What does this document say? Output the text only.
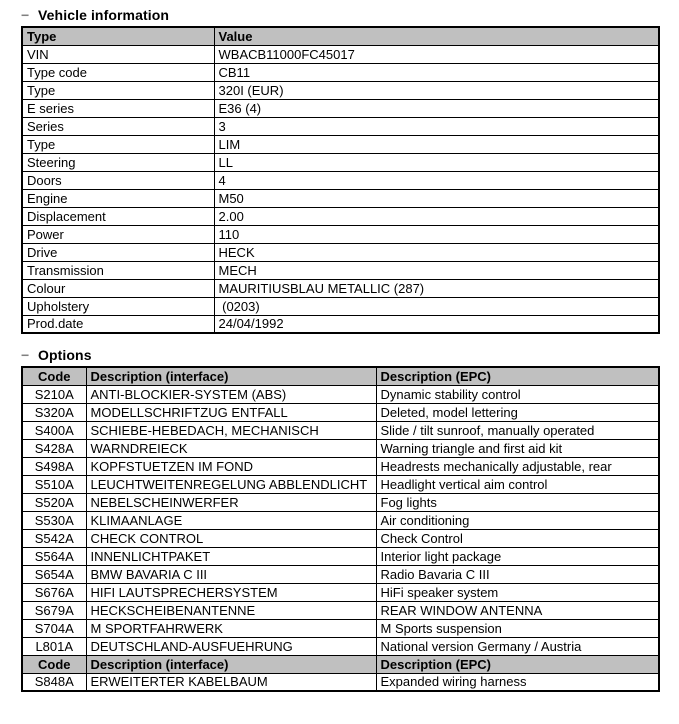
− Vehicle information
Type	Value
VIN	WBACB11000FC45017
Type code	CB11
Type	320I (EUR)
E series	E36 (4)
Series	3
Type	LIM
Steering	LL
Doors	4
Engine	M50
Displacement	2.00
Power	110
Drive	HECK
Transmission	MECH
Colour	MAURITIUSBLAU METALLIC (287)
Upholstery	(0203)
Prod.date	24/04/1992
− Options
Code	Description (interface)	Description (EPC)
S210A	ANTI-BLOCKIER-SYSTEM (ABS)	Dynamic stability control
S320A	MODELLSCHRIFTZUG ENTFALL	Deleted, model lettering
S400A	SCHIEBE-HEBEDACH, MECHANISCH	Slide / tilt sunroof, manually operated
S428A	WARNDREIECK	Warning triangle and first aid kit
S498A	KOPFSTUETZEN IM FOND	Headrests mechanically adjustable, rear
S510A	LEUCHTWEITENREGELUNG ABBLENDLICHT	Headlight vertical aim control
S520A	NEBELSCHEINWERFER	Fog lights
S530A	KLIMAANLAGE	Air conditioning
S542A	CHECK CONTROL	Check Control
S564A	INNENLICHTPAKET	Interior light package
S654A	BMW BAVARIA C III	Radio Bavaria C III
S676A	HIFI LAUTSPRECHERSYSTEM	HiFi speaker system
S679A	HECKSCHEIBENANTENNE	REAR WINDOW ANTENNA
S704A	M SPORTFAHRWERK	M Sports suspension
L801A	DEUTSCHLAND-AUSFUEHRUNG	National version Germany / Austria
Code	Description (interface)	Description (EPC)
S848A	ERWEITERTER KABELBAUM	Expanded wiring harness
